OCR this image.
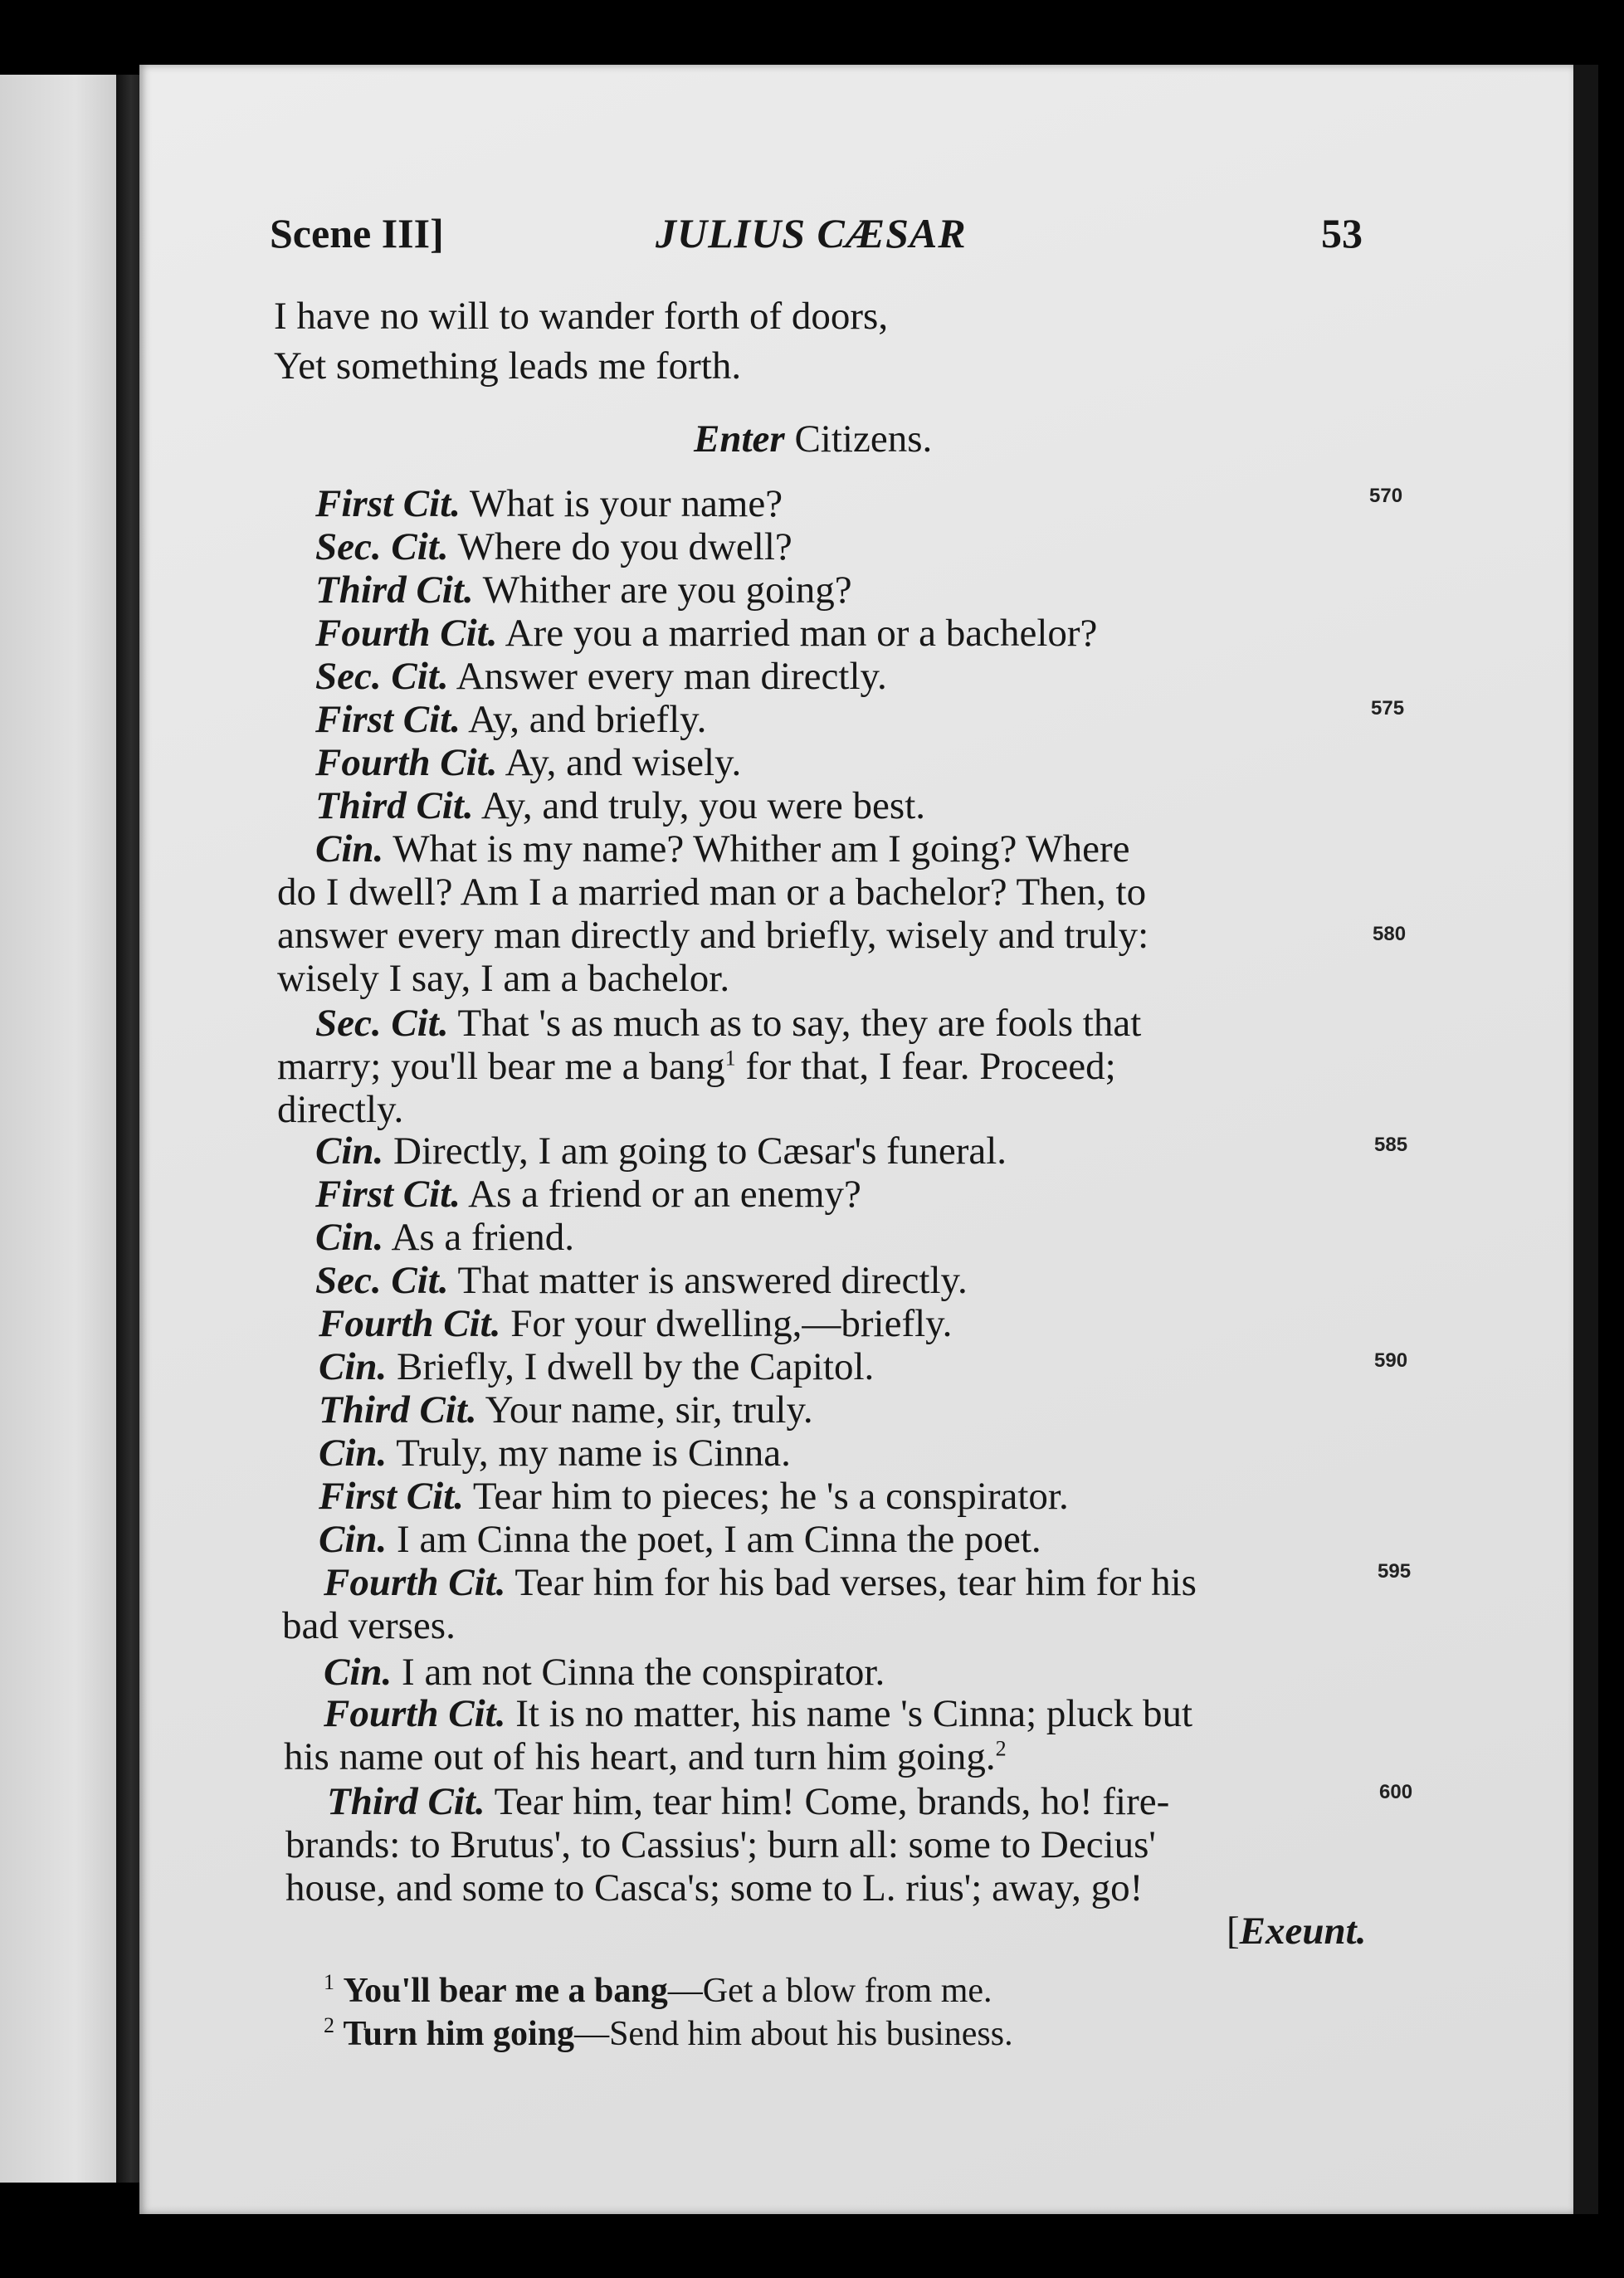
Scene III]	JULIUS CÆSAR	53
I have no will to wander forth of doors,
Yet something leads me forth.
Enter Citizens.
First Cit. What is your name?
Sec. Cit. Where do you dwell?
Third Cit. Whither are you going?
Fourth Cit. Are you a married man or a bachelor?
Sec. Cit. Answer every man directly.
First Cit. Ay, and briefly.
Fourth Cit. Ay, and wisely.
Third Cit. Ay, and truly, you were best.
Cin. What is my name? Whither am I going? Where
do I dwell? Am I a married man or a bachelor? Then, to
answer every man directly and briefly, wisely and truly:
wisely I say, I am a bachelor.
Sec. Cit. That 's as much as to say, they are fools that
marry; you'll bear me a bang$^1$ for that, I fear. Proceed;
directly.
Cin. Directly, I am going to Cæsar's funeral.
First Cit. As a friend or an enemy?
Cin. As a friend.
Sec. Cit. That matter is answered directly.
Fourth Cit. For your dwelling,—briefly.
Cin. Briefly, I dwell by the Capitol.
Third Cit. Your name, sir, truly.
Cin. Truly, my name is Cinna.
First Cit. Tear him to pieces; he 's a conspirator.
Cin. I am Cinna the poet, I am Cinna the poet.
Fourth Cit. Tear him for his bad verses, tear him for his
bad verses.
Cin. I am not Cinna the conspirator.
Fourth Cit. It is no matter, his name 's Cinna; pluck but
his name out of his heart, and turn him going.$^2$
Third Cit. Tear him, tear him! Come, brands, ho! fire-
brands: to Brutus', to Cassius'; burn all: some to Decius'
house, and some to Casca's; some to L. rius'; away, go!
[Exeunt.
570
575
580
585
590
595
600
$^1$ You'll bear me a bang—Get a blow from me.
$^2$ Turn him going—Send him about his business.
